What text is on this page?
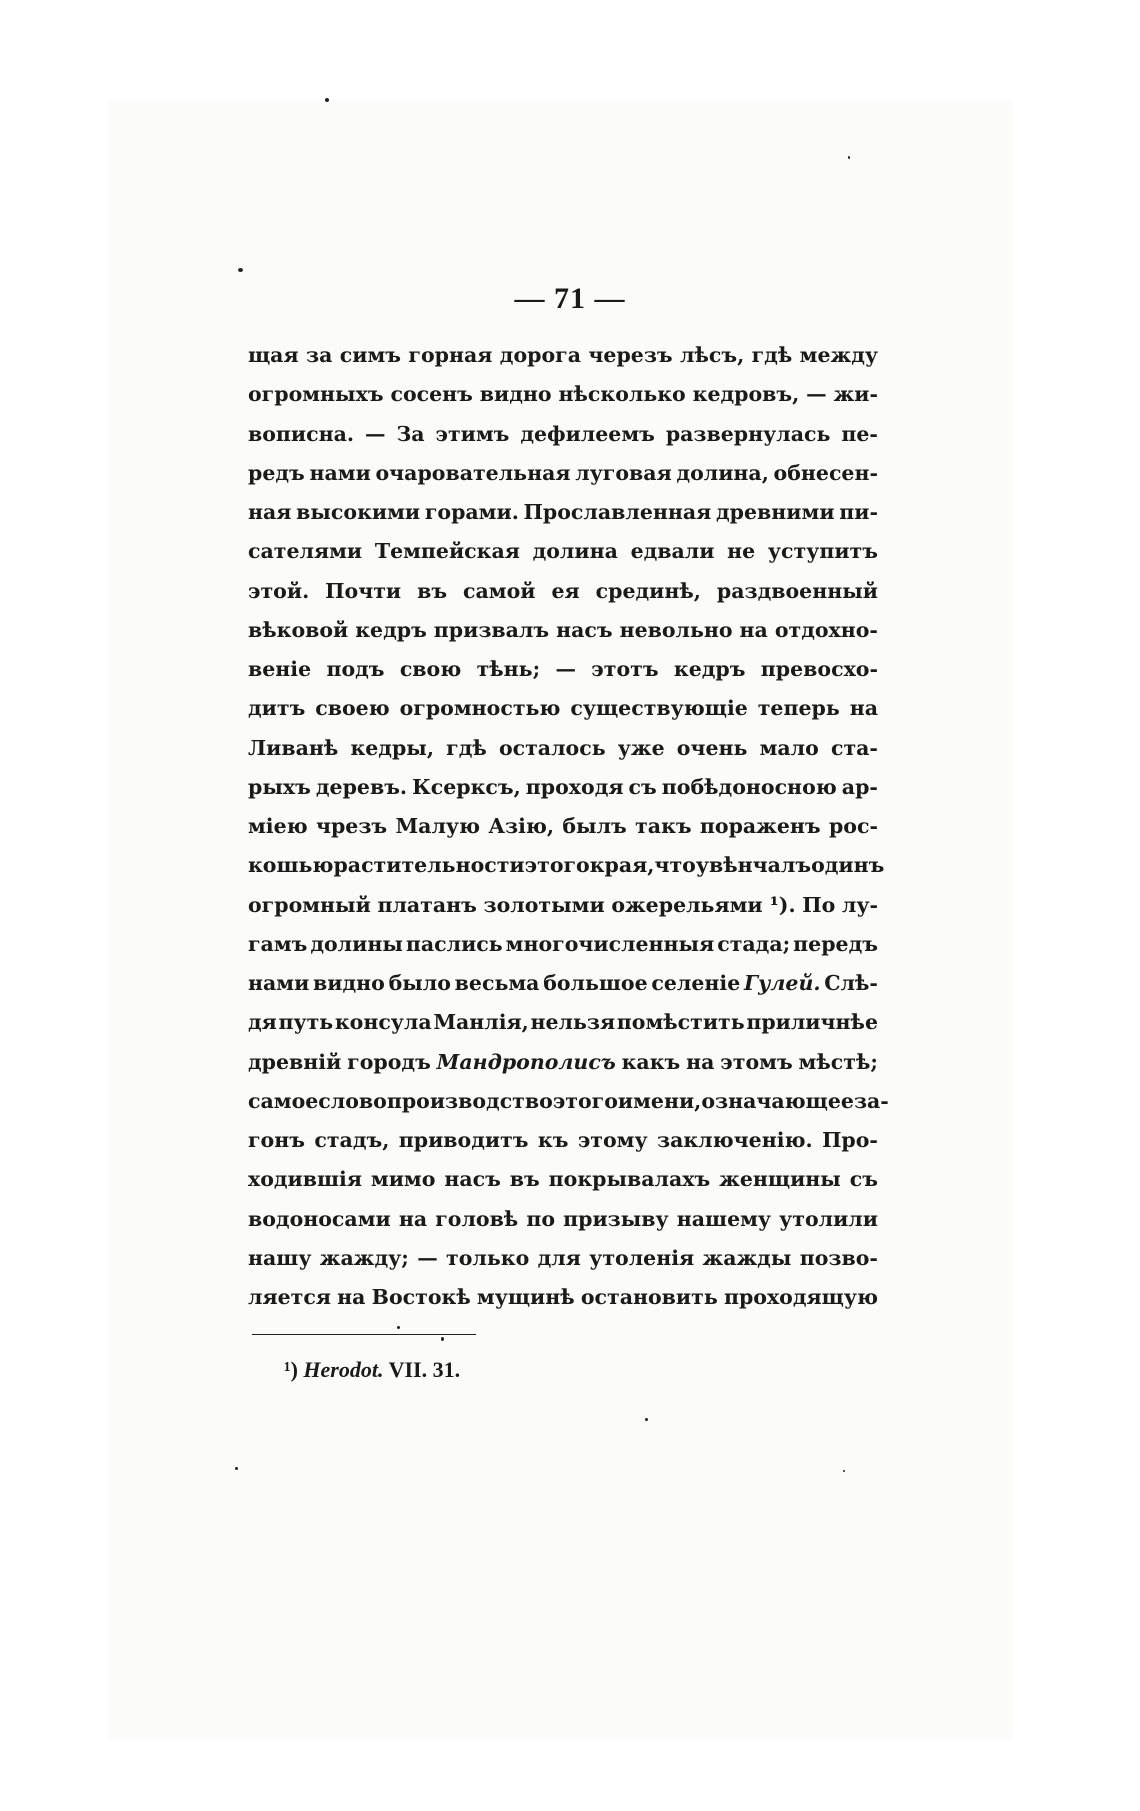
— 71 —
щая за симъ горная дорога черезъ лѣсъ, гдѣ между
огромныхъ сосенъ видно нѣсколько кедровъ, — жи-
вописна. — За этимъ дефилеемъ развернулась пе-
редъ нами очаровательная луговая долина, обнесен-
ная высокими горами. Прославленная древними пи-
сателями Темпейская долина едвали не уступитъ
этой. Почти въ самой ея срединѣ, раздвоенный
вѣковой кедръ призвалъ насъ невольно на отдохно-
веніе подъ свою тѣнь; — этотъ кедръ превосхо-
дитъ своею огромностью существующіе теперь на
Ливанѣ кедры, гдѣ осталось уже очень мало ста-
рыхъ деревъ. Ксерксъ, проходя съ побѣдоносною ар-
міею чрезъ Малую Азію, былъ такъ пораженъ рос-
кошью растительности этого края, что увѣнчалъ одинъ
огромный платанъ золотыми ожерельями ¹). По лу-
гамъ долины паслись многочисленныя стада; передъ
нами видно было весьма большое селеніе Гулей. Слѣ-
дя путь консула Манлія, нельзя помѣстить приличнѣе
древній городъ Мандрополисъ какъ на этомъ мѣстѣ;
самое словопроизводство этого имени, означающее за-
гонъ стадъ, приводитъ къ этому заключенію. Про-
ходившія мимо насъ въ покрывалахъ женщины съ
водоносами на головѣ по призыву нашему утолили
нашу жажду; — только для утоленія жажды позво-
ляется на Востокѣ мущинѣ остановить проходящую
¹) Herodot. VII. 31.
